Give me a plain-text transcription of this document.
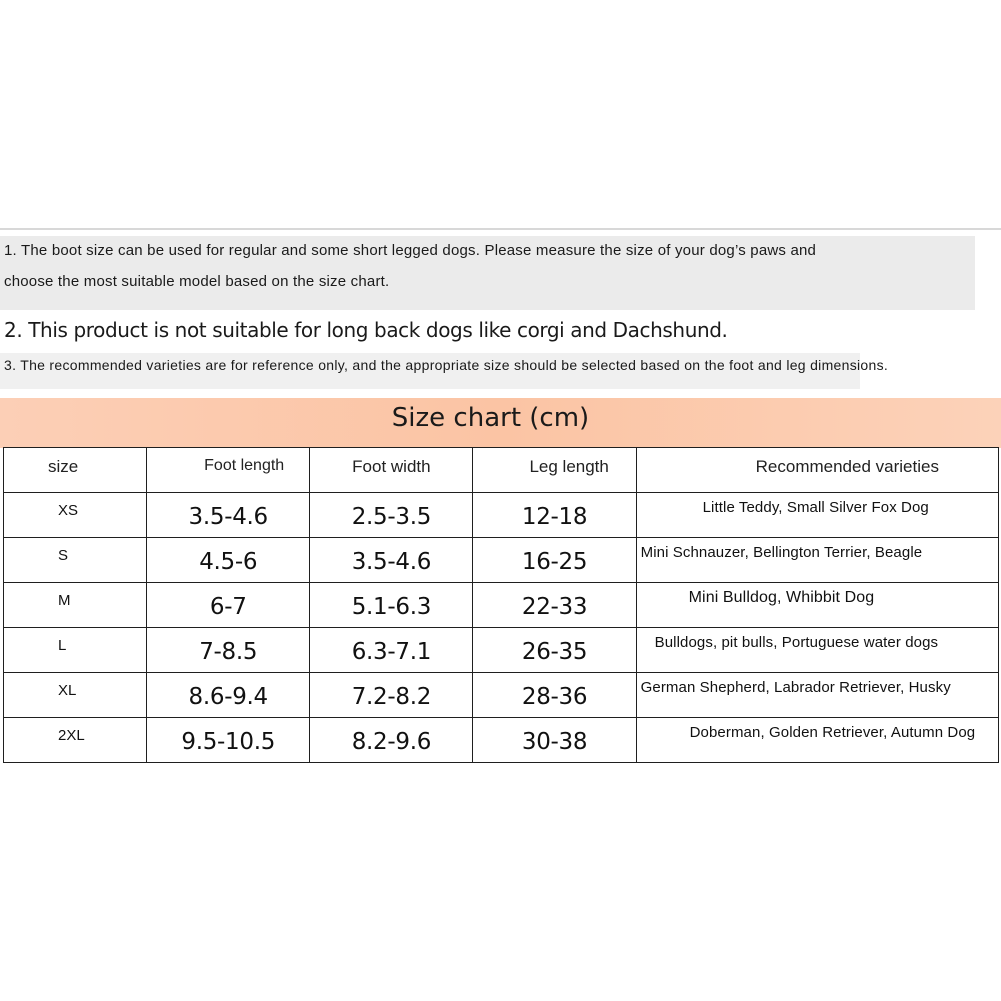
1. The boot size can be used for regular and some short legged dogs. Please measure the size of your dog’s paws and

choose the most suitable model based on the size chart.

2. This product is not suitable for long back dogs like corgi and Dachshund.

3. The recommended varieties are for reference only, and the appropriate size should be selected based on the foot and leg dimensions.

Size chart (cm)
size	Foot length	Foot width	Leg length	Recommended varieties

XS	3.5-4.6	2.5-3.5	12-18	Little Teddy, Small Silver Fox Dog

S	4.5-6	3.5-4.6	16-25	Mini Schnauzer, Bellington Terrier, Beagle

M	6-7	5.1-6.3	22-33	Mini Bulldog, Whibbit Dog

L	7-8.5	6.3-7.1	26-35	Bulldogs, pit bulls, Portuguese water dogs

XL	8.6-9.4	7.2-8.2	28-36	German Shepherd, Labrador Retriever, Husky

2XL	9.5-10.5	8.2-9.6	30-38	Doberman, Golden Retriever, Autumn Dog
